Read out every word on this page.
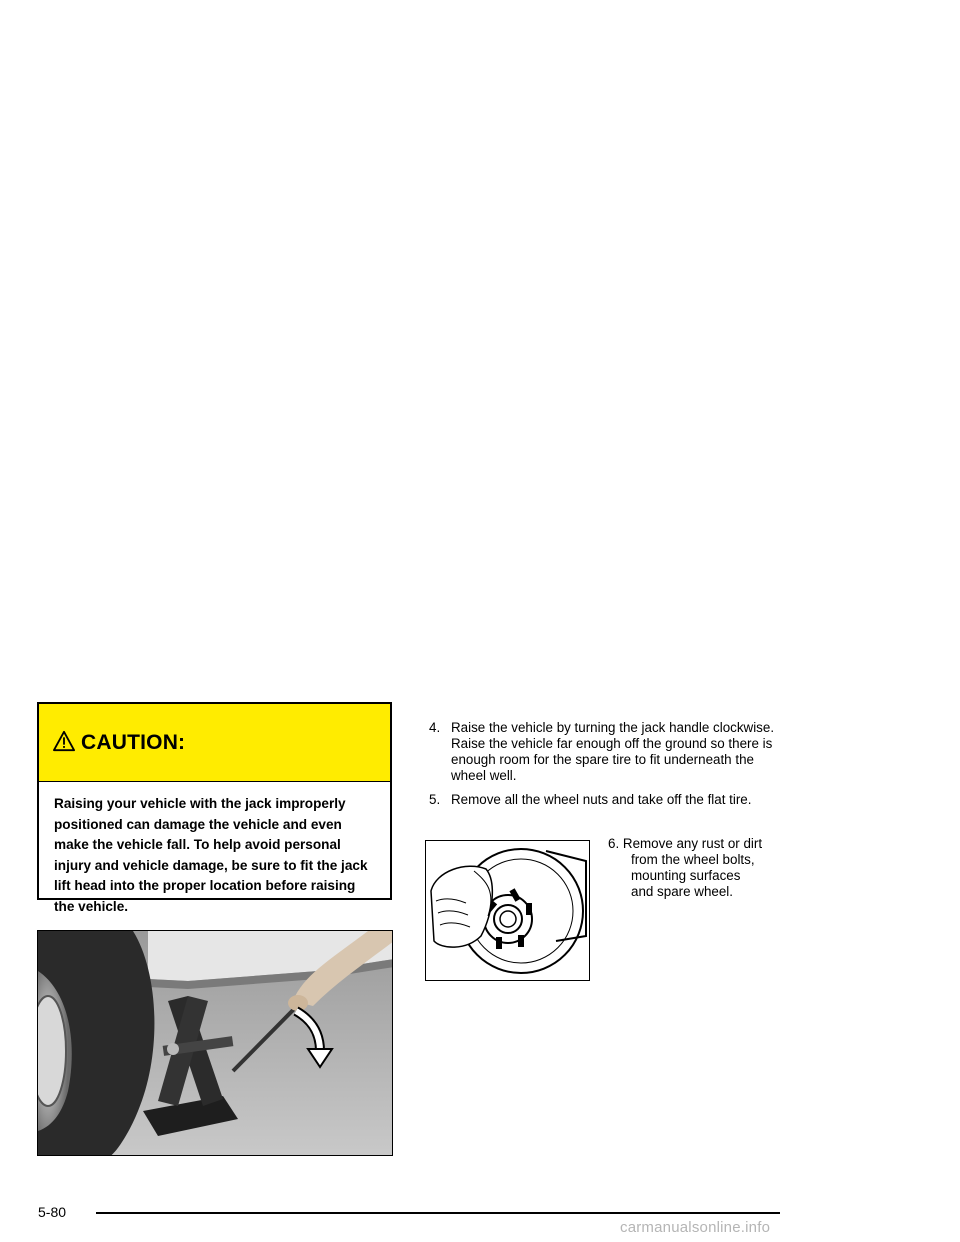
CAUTION:
Raising your vehicle with the jack improperly positioned can damage the vehicle and even make the vehicle fall. To help avoid personal injury and vehicle damage, be sure to fit the jack lift head into the proper location before raising the vehicle.
4. Raise the vehicle by turning the jack handle clockwise. Raise the vehicle far enough off the ground so there is enough room for the spare tire to fit underneath the wheel well.
5. Remove all the wheel nuts and take off the flat tire.
6. Remove any rust or dirt
from the wheel bolts,
mounting surfaces
and spare wheel.
5-80
carmanualsonline.info
